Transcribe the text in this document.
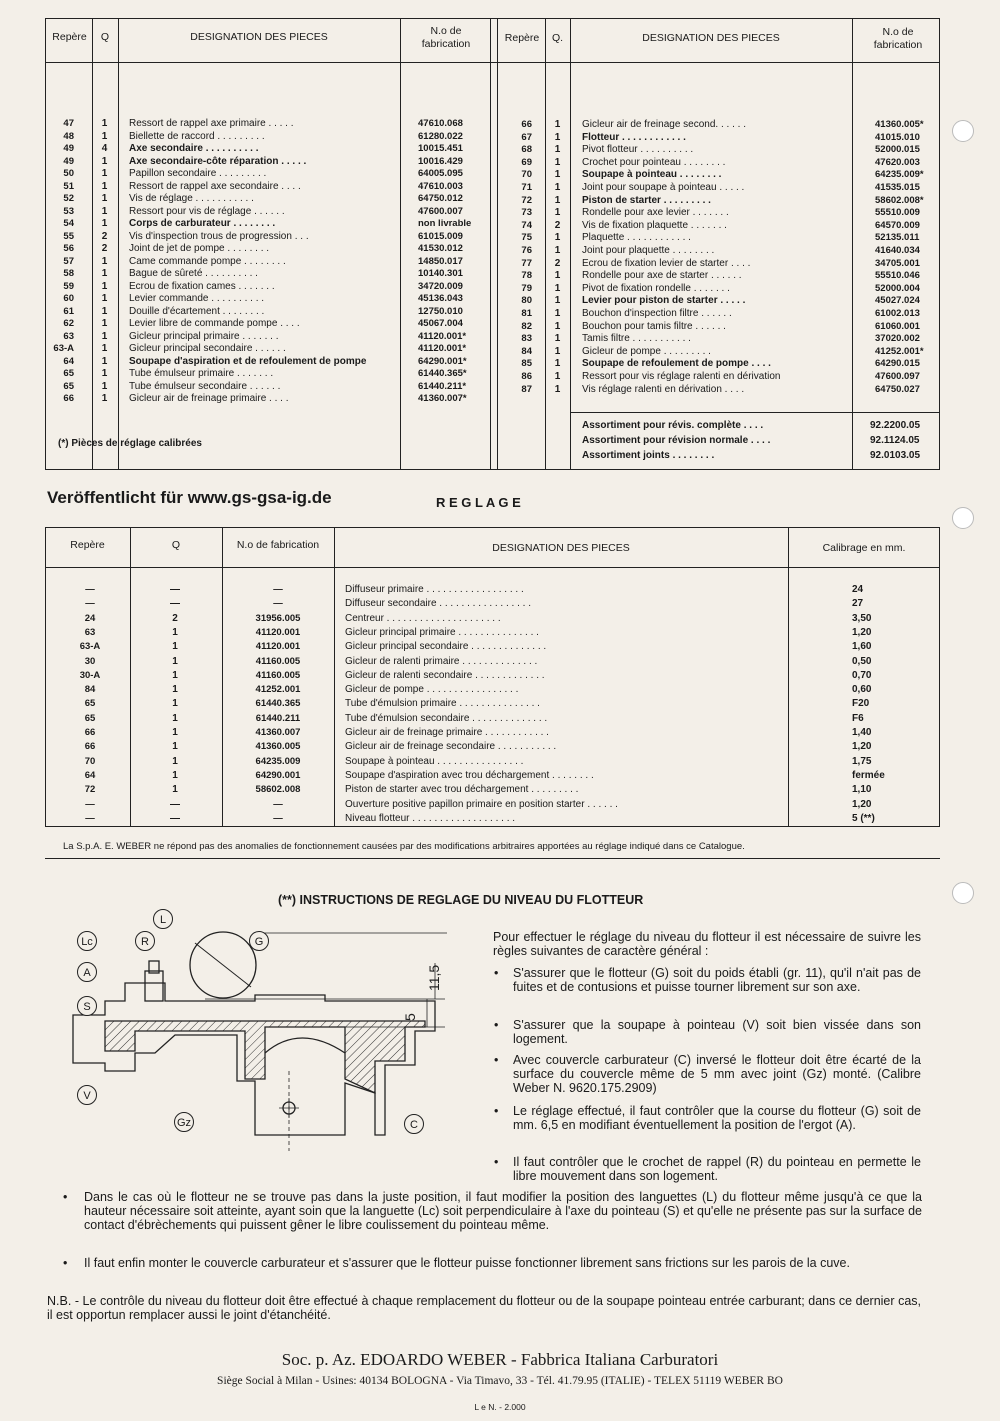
Repère	Q	DESIGNATION DES PIECES	N.o de fabrication	Repère	Q.	DESIGNATION DES PIECES	N.o de fabrication
47	1	Ressort de rappel axe primaire . . . . .	47610.068
48	1	Biellette de raccord . . . . . . . . .	61280.022
49	4	Axe secondaire . . . . . . . . . .	10015.451
49	1	Axe secondaire-côte réparation . . . . .	10016.429
50	1	Papillon secondaire . . . . . . . . .	64005.095
51	1	Ressort de rappel axe secondaire . . . .	47610.003
52	1	Vis de réglage . . . . . . . . . . .	64750.012
53	1	Ressort pour vis de réglage . . . . . .	47600.007
54	1	Corps de carburateur . . . . . . . .	non livrable
55	2	Vis d'inspection trous de progression . . .	61015.009
56	2	Joint de jet de pompe . . . . . . . .	41530.012
57	1	Came commande pompe . . . . . . . .	14850.017
58	1	Bague de sûreté . . . . . . . . . .	10140.301
59	1	Ecrou de fixation cames . . . . . . .	34720.009
60	1	Levier commande . . . . . . . . . .	45136.043
61	1	Douille d'écartement . . . . . . . .	12750.010
62	1	Levier libre de commande pompe . . . .	45067.004
63	1	Gicleur principal primaire . . . . . . .	41120.001*
63-A	1	Gicleur principal secondaire . . . . . .	41120.001*
64	1	Soupape d'aspiration et de refoulement de pompe	64290.001*
65	1	Tube émulseur primaire . . . . . . .	61440.365*
65	1	Tube émulseur secondaire . . . . . .	61440.211*
66	1	Gicleur air de freinage primaire . . . .	41360.007*
66	1	Gicleur air de freinage second. . . . . .	41360.005*
67	1	Flotteur . . . . . . . . . . . .	41015.010
68	1	Pivot flotteur . . . . . . . . . .	52000.015
69	1	Crochet pour pointeau . . . . . . . .	47620.003
70	1	Soupape à pointeau . . . . . . . .	64235.009*
71	1	Joint pour soupape à pointeau . . . . .	41535.015
72	1	Piston de starter . . . . . . . . .	58602.008*
73	1	Rondelle pour axe levier . . . . . . .	55510.009
74	2	Vis de fixation plaquette . . . . . . .	64570.009
75	1	Plaquette . . . . . . . . . . . .	52135.011
76	1	Joint pour plaquette . . . . . . . .	41640.034
77	2	Ecrou de fixation levier de starter . . . .	34705.001
78	1	Rondelle pour axe de starter . . . . . .	55510.046
79	1	Pivot de fixation rondelle . . . . . . .	52000.004
80	1	Levier pour piston de starter . . . . .	45027.024
81	1	Bouchon d'inspection filtre . . . . . .	61002.013
82	1	Bouchon pour tamis filtre . . . . . .	61060.001
83	1	Tamis filtre . . . . . . . . . . .	37020.002
84	1	Gicleur de pompe . . . . . . . . .	41252.001*
85	1	Soupape de refoulement de pompe . . . .	64290.015
86	1	Ressort pour vis réglage ralenti en dérivation	47600.097
87	1	Vis réglage ralenti en dérivation . . . .	64750.027
(*) Pièces de réglage calibrées
Assortiment pour révis. complète . . . .	92.2200.05
Assortiment pour révision normale . . . .	92.1124.05
Assortiment joints . . . . . . . .	92.0103.05
Veröffentlicht für www.gs-gsa-ig.de	R E G L A G E
Repère	Q	N.o de fabrication	DESIGNATION DES PIECES	Calibrage en mm.
—	—	—	Diffuseur primaire . . . . . . . . . . . . . . . . . .	24
—	—	—	Diffuseur secondaire . . . . . . . . . . . . . . . . .	27
24	2	31956.005	Centreur . . . . . . . . . . . . . . . . . . . . .	3,50
63	1	41120.001	Gicleur principal primaire . . . . . . . . . . . . . . .	1,20
63-A	1	41120.001	Gicleur principal secondaire . . . . . . . . . . . . . .	1,60
30	1	41160.005	Gicleur de ralenti primaire . . . . . . . . . . . . . .	0,50
30-A	1	41160.005	Gicleur de ralenti secondaire . . . . . . . . . . . . .	0,70
84	1	41252.001	Gicleur de pompe . . . . . . . . . . . . . . . . .	0,60
65	1	61440.365	Tube d'émulsion primaire . . . . . . . . . . . . . . .	F20
65	1	61440.211	Tube d'émulsion secondaire . . . . . . . . . . . . . .	F6
66	1	41360.007	Gicleur air de freinage primaire . . . . . . . . . . . .	1,40
66	1	41360.005	Gicleur air de freinage secondaire . . . . . . . . . . .	1,20
70	1	64235.009	Soupape à pointeau . . . . . . . . . . . . . . . .	1,75
64	1	64290.001	Soupape d'aspiration avec trou déchargement . . . . . . . .	fermée
72	1	58602.008	Piston de starter avec trou déchargement . . . . . . . . .	1,10
—	—	—	Ouverture positive papillon primaire en position starter . . . . . .	1,20
—	—	—	Niveau flotteur . . . . . . . . . . . . . . . . . . .	5 (**)
La S.p.A. E. WEBER ne répond pas des anomalies de fonctionnement causées par des modifications arbitraires apportées au réglage indiqué dans ce Catalogue.
(**) INSTRUCTIONS DE REGLAGE DU NIVEAU DU FLOTTEUR
11,5
5
Lc
A
S
V
R
L
G
Gz	C
Pour effectuer le réglage du niveau du flotteur il est nécessaire de suivre les règles suivantes de caractère général :
• S'assurer que le flotteur (G) soit du poids établi (gr. 11), qu'il n'ait pas de fuites et de contusions et puisse tourner librement sur son axe.
• S'assurer que la soupape à pointeau (V) soit bien vissée dans son logement.
• Avec couvercle carburateur (C) inversé le flotteur doit être écarté de la surface du couvercle même de 5 mm avec joint (Gz) monté. (Calibre Weber N. 9620.175.2909)
• Le réglage effectué, il faut contrôler que la course du flotteur (G) soit de mm. 6,5 en modifiant éventuellement la position de l'ergot (A).
• Il faut contrôler que le crochet de rappel (R) du pointeau en permette le libre mouvement dans son logement.
• Dans le cas où le flotteur ne se trouve pas dans la juste position, il faut modifier la position des languettes (L) du flotteur même jusqu'à ce que la hauteur nécessaire soit atteinte, ayant soin que la languette (Lc) soit perpendiculaire à l'axe du pointeau (S) et qu'elle ne présente pas sur la surface de contact d'ébrèchements qui puissent gêner le libre coulissement du pointeau même.
• Il faut enfin monter le couvercle carburateur et s'assurer que le flotteur puisse fonctionner librement sans frictions sur les parois de la cuve.
N.B. - Le contrôle du niveau du flotteur doit être effectué à chaque remplacement du flotteur ou de la soupape pointeau entrée carburant; dans ce dernier cas, il est opportun remplacer aussi le joint d'étanchéité.
Soc. p. Az. EDOARDO WEBER - Fabbrica Italiana Carburatori
Siège Social à Milan - Usines: 40134 BOLOGNA - Via Timavo, 33 - Tél. 41.79.95 (ITALIE) - TELEX 51119 WEBER BO
L e N. - 2.000
